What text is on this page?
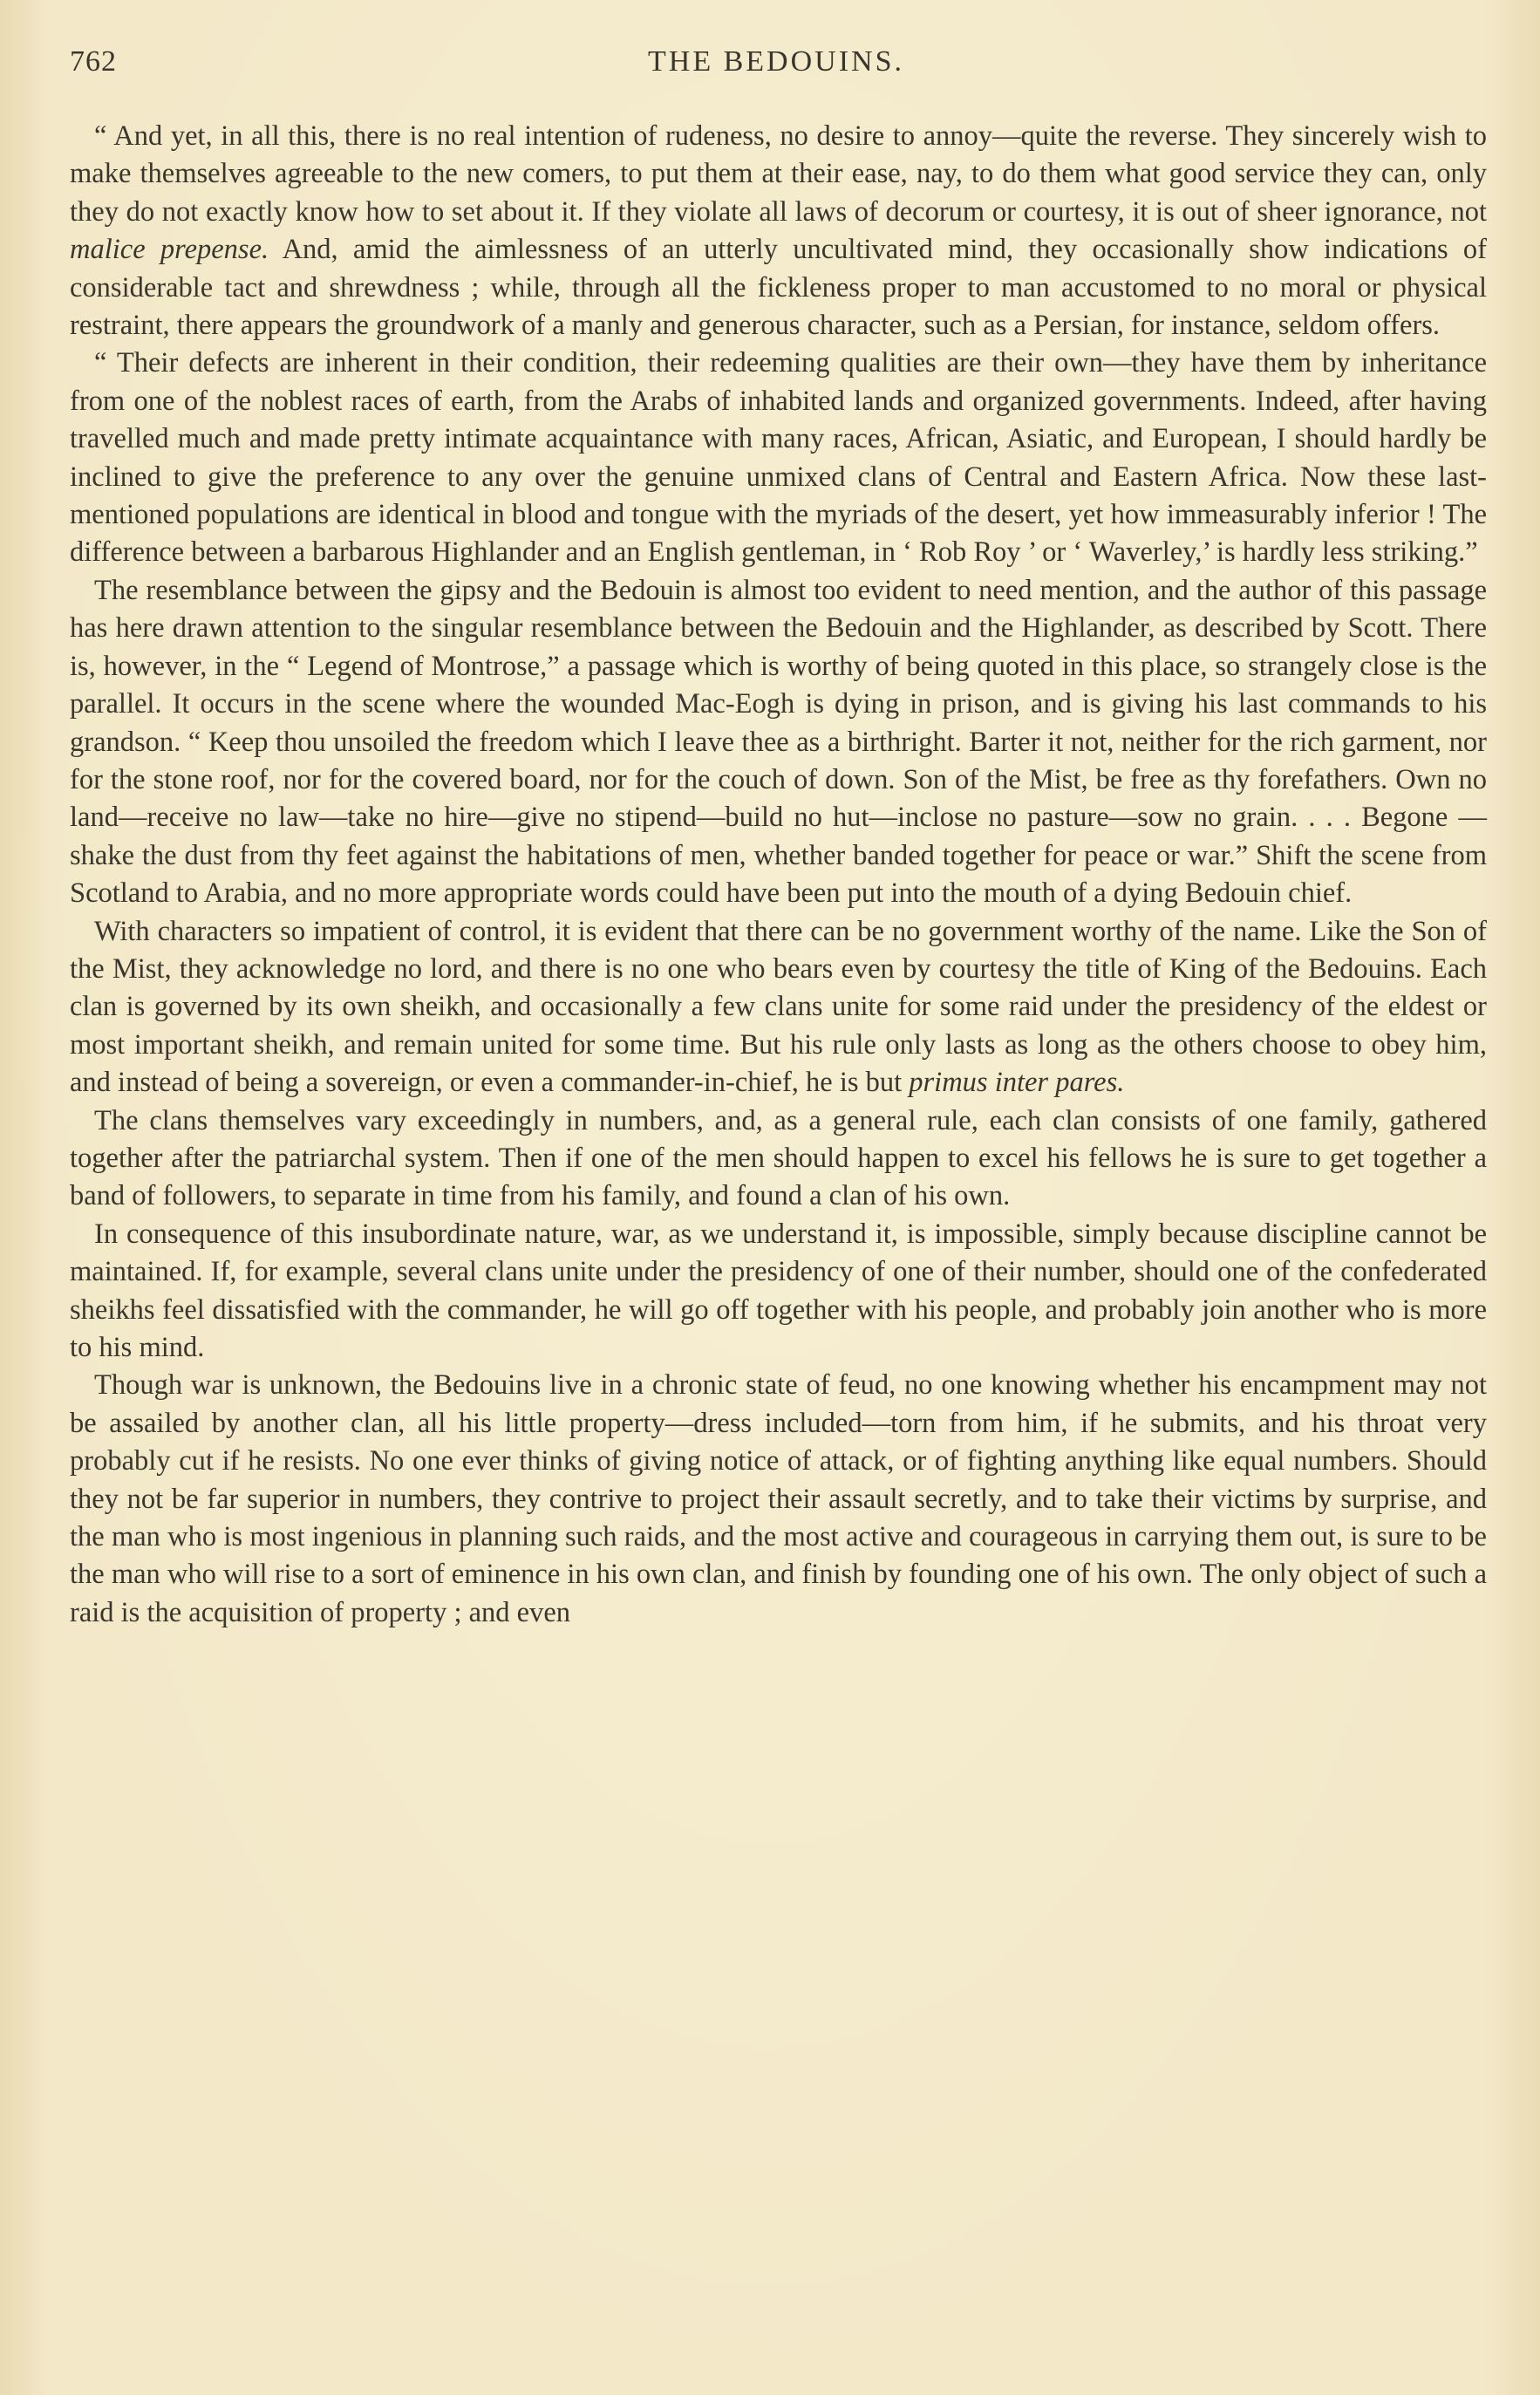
762	THE BEDOUINS.

“ And yet, in all this, there is no real intention of rudeness, no desire to annoy—quite the reverse. They sincerely wish to make themselves agreeable to the new comers, to put them at their ease, nay, to do them what good service they can, only they do not exactly know how to set about it. If they violate all laws of decorum or courtesy, it is out of sheer ignorance, not malice prepense. And, amid the aimlessness of an utterly uncultivated mind, they occasionally show indications of considerable tact and shrewdness ; while, through all the fickleness proper to man accustomed to no moral or physical restraint, there appears the groundwork of a manly and generous character, such as a Persian, for instance, seldom offers.

“ Their defects are inherent in their condition, their redeeming qualities are their own—they have them by inheritance from one of the noblest races of earth, from the Arabs of inhabited lands and organized governments. Indeed, after having travelled much and made pretty intimate acquaintance with many races, African, Asiatic, and European, I should hardly be inclined to give the preference to any over the genuine unmixed clans of Central and Eastern Africa. Now these last-mentioned populations are identical in blood and tongue with the myriads of the desert, yet how immeasurably inferior ! The difference between a barbarous Highlander and an English gentleman, in ‘ Rob Roy ’ or ‘ Waverley,’ is hardly less striking.”

The resemblance between the gipsy and the Bedouin is almost too evident to need mention, and the author of this passage has here drawn attention to the singular resemblance between the Bedouin and the Highlander, as described by Scott. There is, however, in the “ Legend of Montrose,” a passage which is worthy of being quoted in this place, so strangely close is the parallel. It occurs in the scene where the wounded Mac-Eogh is dying in prison, and is giving his last commands to his grandson. “ Keep thou unsoiled the freedom which I leave thee as a birthright. Barter it not, neither for the rich garment, nor for the stone roof, nor for the covered board, nor for the couch of down. Son of the Mist, be free as thy forefathers. Own no land—receive no law—take no hire—give no stipend—build no hut—inclose no pasture—sow no grain. . . . Begone —shake the dust from thy feet against the habitations of men, whether banded together for peace or war.” Shift the scene from Scotland to Arabia, and no more appropriate words could have been put into the mouth of a dying Bedouin chief.

With characters so impatient of control, it is evident that there can be no government worthy of the name. Like the Son of the Mist, they acknowledge no lord, and there is no one who bears even by courtesy the title of King of the Bedouins. Each clan is governed by its own sheikh, and occasionally a few clans unite for some raid under the presidency of the eldest or most important sheikh, and remain united for some time. But his rule only lasts as long as the others choose to obey him, and instead of being a sovereign, or even a commander-in-chief, he is but primus inter pares.

The clans themselves vary exceedingly in numbers, and, as a general rule, each clan consists of one family, gathered together after the patriarchal system. Then if one of the men should happen to excel his fellows he is sure to get together a band of followers, to separate in time from his family, and found a clan of his own.

In consequence of this insubordinate nature, war, as we understand it, is impossible, simply because discipline cannot be maintained. If, for example, several clans unite under the presidency of one of their number, should one of the confederated sheikhs feel dissatisfied with the commander, he will go off together with his people, and probably join another who is more to his mind.

Though war is unknown, the Bedouins live in a chronic state of feud, no one knowing whether his encampment may not be assailed by another clan, all his little property—dress included—torn from him, if he submits, and his throat very probably cut if he resists. No one ever thinks of giving notice of attack, or of fighting anything like equal numbers. Should they not be far superior in numbers, they contrive to project their assault secretly, and to take their victims by surprise, and the man who is most ingenious in planning such raids, and the most active and courageous in carrying them out, is sure to be the man who will rise to a sort of eminence in his own clan, and finish by founding one of his own. The only object of such a raid is the acquisition of property ; and even
